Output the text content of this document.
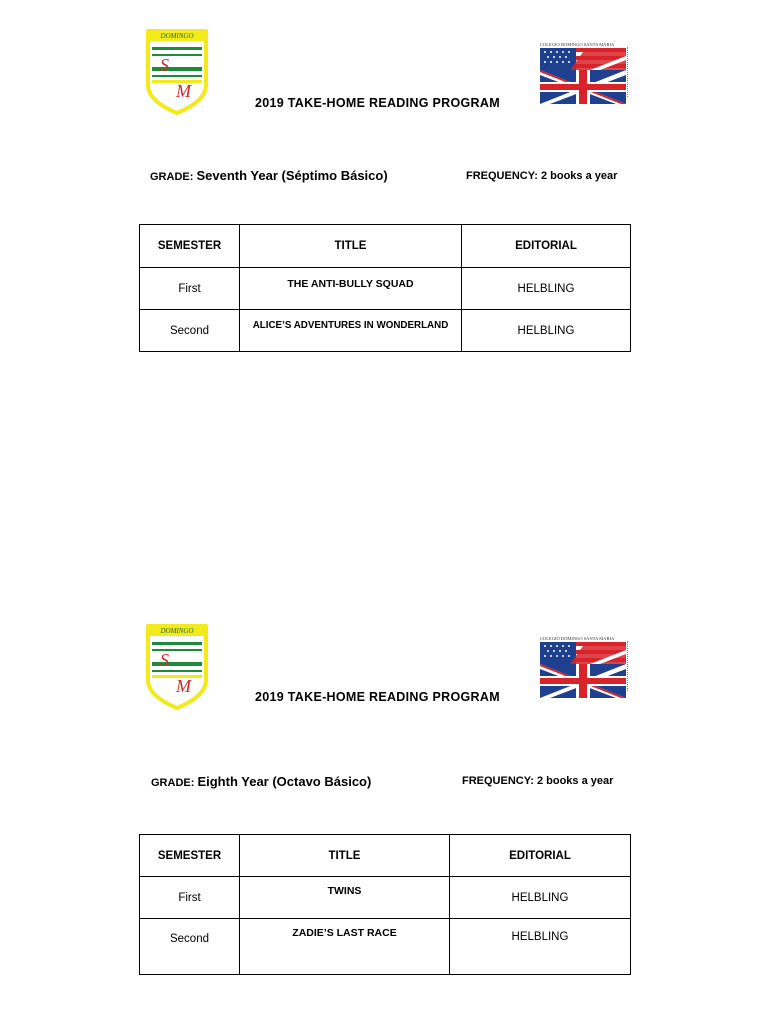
DOMINGO
S
M
COLEGIO DOMINGO SANTA MARIA
2019 TAKE-HOME READING PROGRAM
GRADE: Seventh Year (Séptimo Básico)	FREQUENCY: 2 books a year
SEMESTER	TITLE	EDITORIAL
First	THE ANTI-BULLY SQUAD	HELBLING
Second	ALICE’S ADVENTURES IN WONDERLAND	HELBLING
DOMINGO
S
M
COLEGIO DOMINGO SANTA MARIA
2019 TAKE-HOME READING PROGRAM
GRADE: Eighth Year (Octavo Básico)	FREQUENCY: 2 books a year
SEMESTER	TITLE	EDITORIAL
First	TWINS	HELBLING
Second	ZADIE’S LAST RACE	HELBLING
